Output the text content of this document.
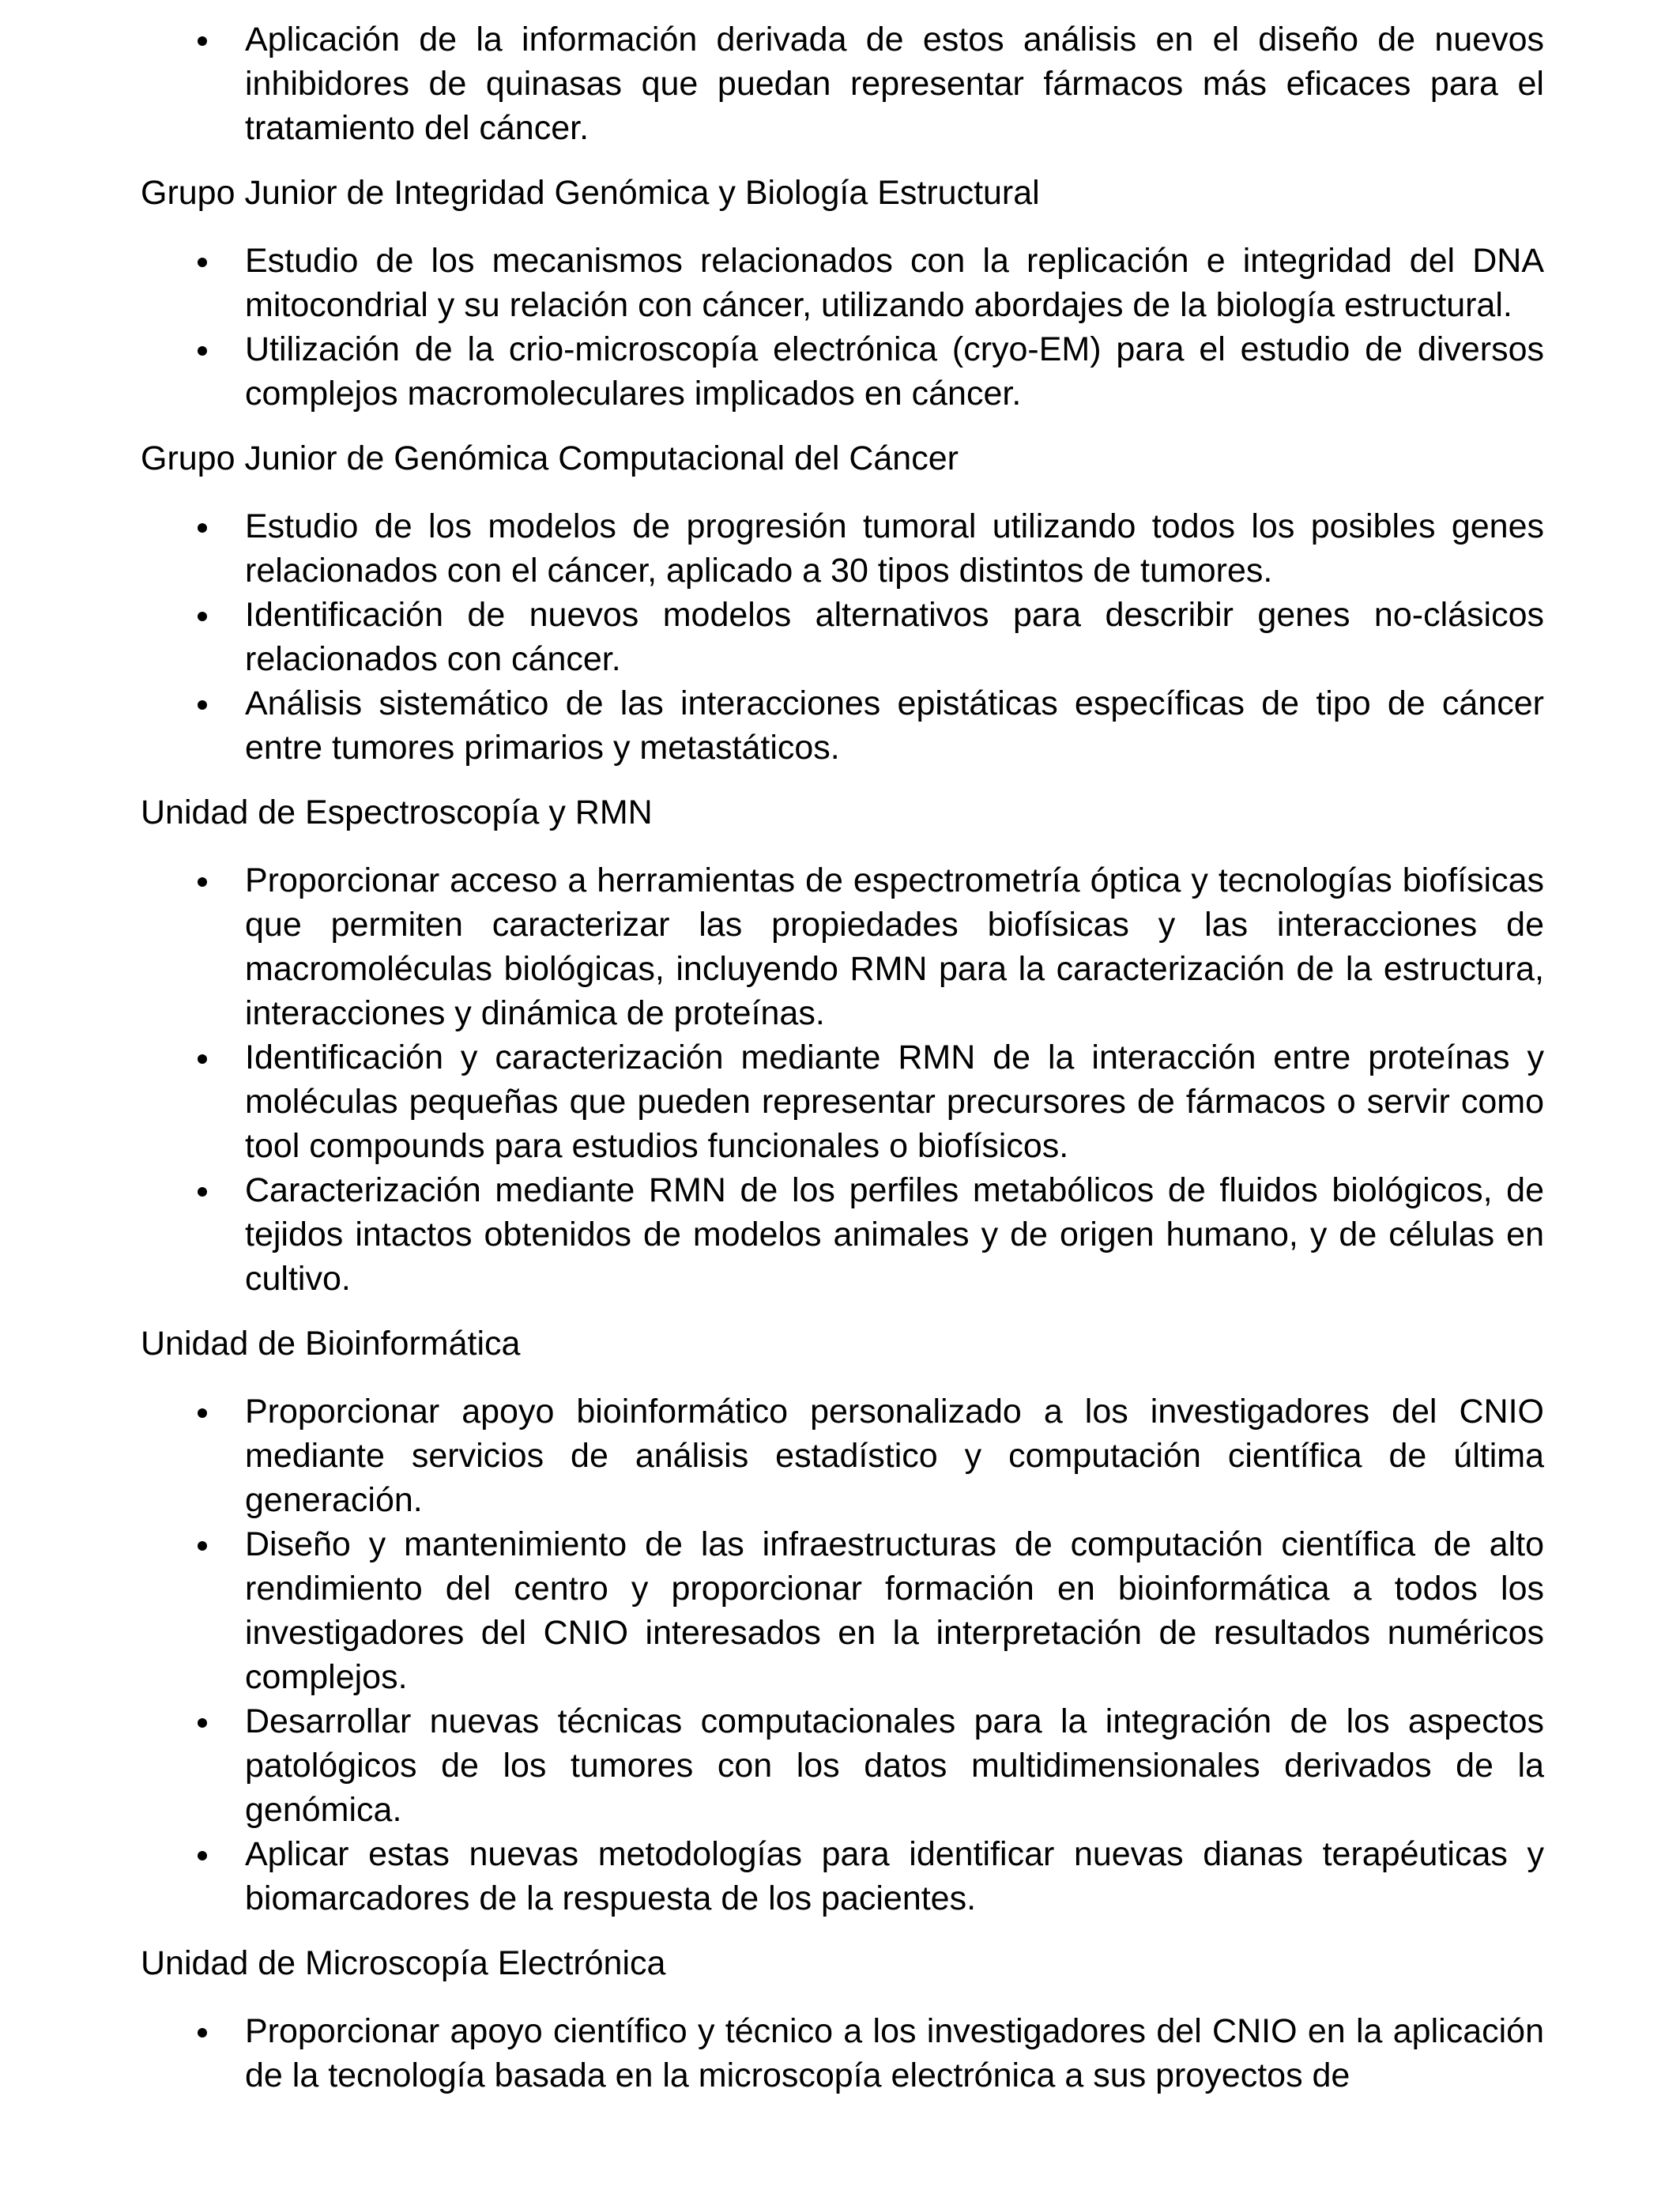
Aplicación de la información derivada de estos análisis en el diseño de nuevos inhibidores de quinasas que puedan representar fármacos más eficaces para el tratamiento del cáncer.
Grupo Junior de Integridad Genómica y Biología Estructural
Estudio de los mecanismos relacionados con la replicación e integridad del DNA mitocondrial y su relación con cáncer, utilizando abordajes de la biología estructural.
Utilización de la crio-microscopía electrónica (cryo-EM) para el estudio de diversos complejos macromoleculares implicados en cáncer.
Grupo Junior de Genómica Computacional del Cáncer
Estudio de los modelos de progresión tumoral utilizando todos los posibles genes relacionados con el cáncer, aplicado a 30 tipos distintos de tumores.
Identificación de nuevos modelos alternativos para describir genes no-clásicos relacionados con cáncer.
Análisis sistemático de las interacciones epistáticas específicas de tipo de cáncer entre tumores primarios y metastáticos.
Unidad de Espectroscopía y RMN
Proporcionar acceso a herramientas de espectrometría óptica y tecnologías biofísicas que permiten caracterizar las propiedades biofísicas y las interacciones de macromoléculas biológicas, incluyendo RMN para la caracterización de la estructura, interacciones y dinámica de proteínas.
Identificación y caracterización mediante RMN de la interacción entre proteínas y moléculas pequeñas que pueden representar precursores de fármacos o servir como tool compounds para estudios funcionales o biofísicos.
Caracterización mediante RMN de los perfiles metabólicos de fluidos biológicos, de tejidos intactos obtenidos de modelos animales y de origen humano, y de células en cultivo.
Unidad de Bioinformática
Proporcionar apoyo bioinformático personalizado a los investigadores del CNIO mediante servicios de análisis estadístico y computación científica de última generación.
Diseño y mantenimiento de las infraestructuras de computación científica de alto rendimiento del centro y proporcionar formación en bioinformática a todos los investigadores del CNIO interesados en la interpretación de resultados numéricos complejos.
Desarrollar nuevas técnicas computacionales para la integración de los aspectos patológicos de los tumores con los datos multidimensionales derivados de la genómica.
Aplicar estas nuevas metodologías para identificar nuevas dianas terapéuticas y biomarcadores de la respuesta de los pacientes.
Unidad de Microscopía Electrónica
Proporcionar apoyo científico y técnico a los investigadores del CNIO en la aplicación de la tecnología basada en la microscopía electrónica a sus proyectos de
